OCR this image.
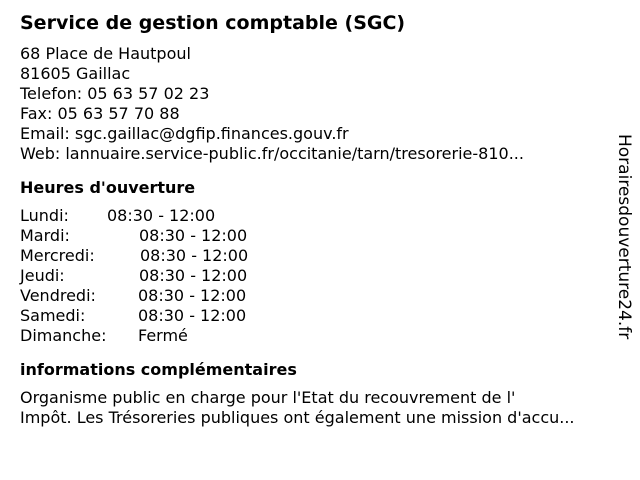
Service de gestion comptable (SGC)
68 Place de Hautpoul
81605 Gaillac
Telefon: 05 63 57 02 23
Fax: 05 63 57 70 88
Email: sgc.gaillac@dgfip.finances.gouv.fr
Web: lannuaire.service-public.fr/occitanie/tarn/tresorerie-810...
Heures d'ouverture
Lundi:	08:30 - 12:00
Mardi:	08:30 - 12:00
Mercredi:	08:30 - 12:00
Jeudi:	08:30 - 12:00
Vendredi:	08:30 - 12:00
Samedi:	08:30 - 12:00
Dimanche:	Fermé
informations complémentaires
Organisme public en charge pour l'Etat du recouvrement de l'
Impôt. Les Trésoreries publiques ont également une mission d'accu...
Horairesdouverture24.fr
